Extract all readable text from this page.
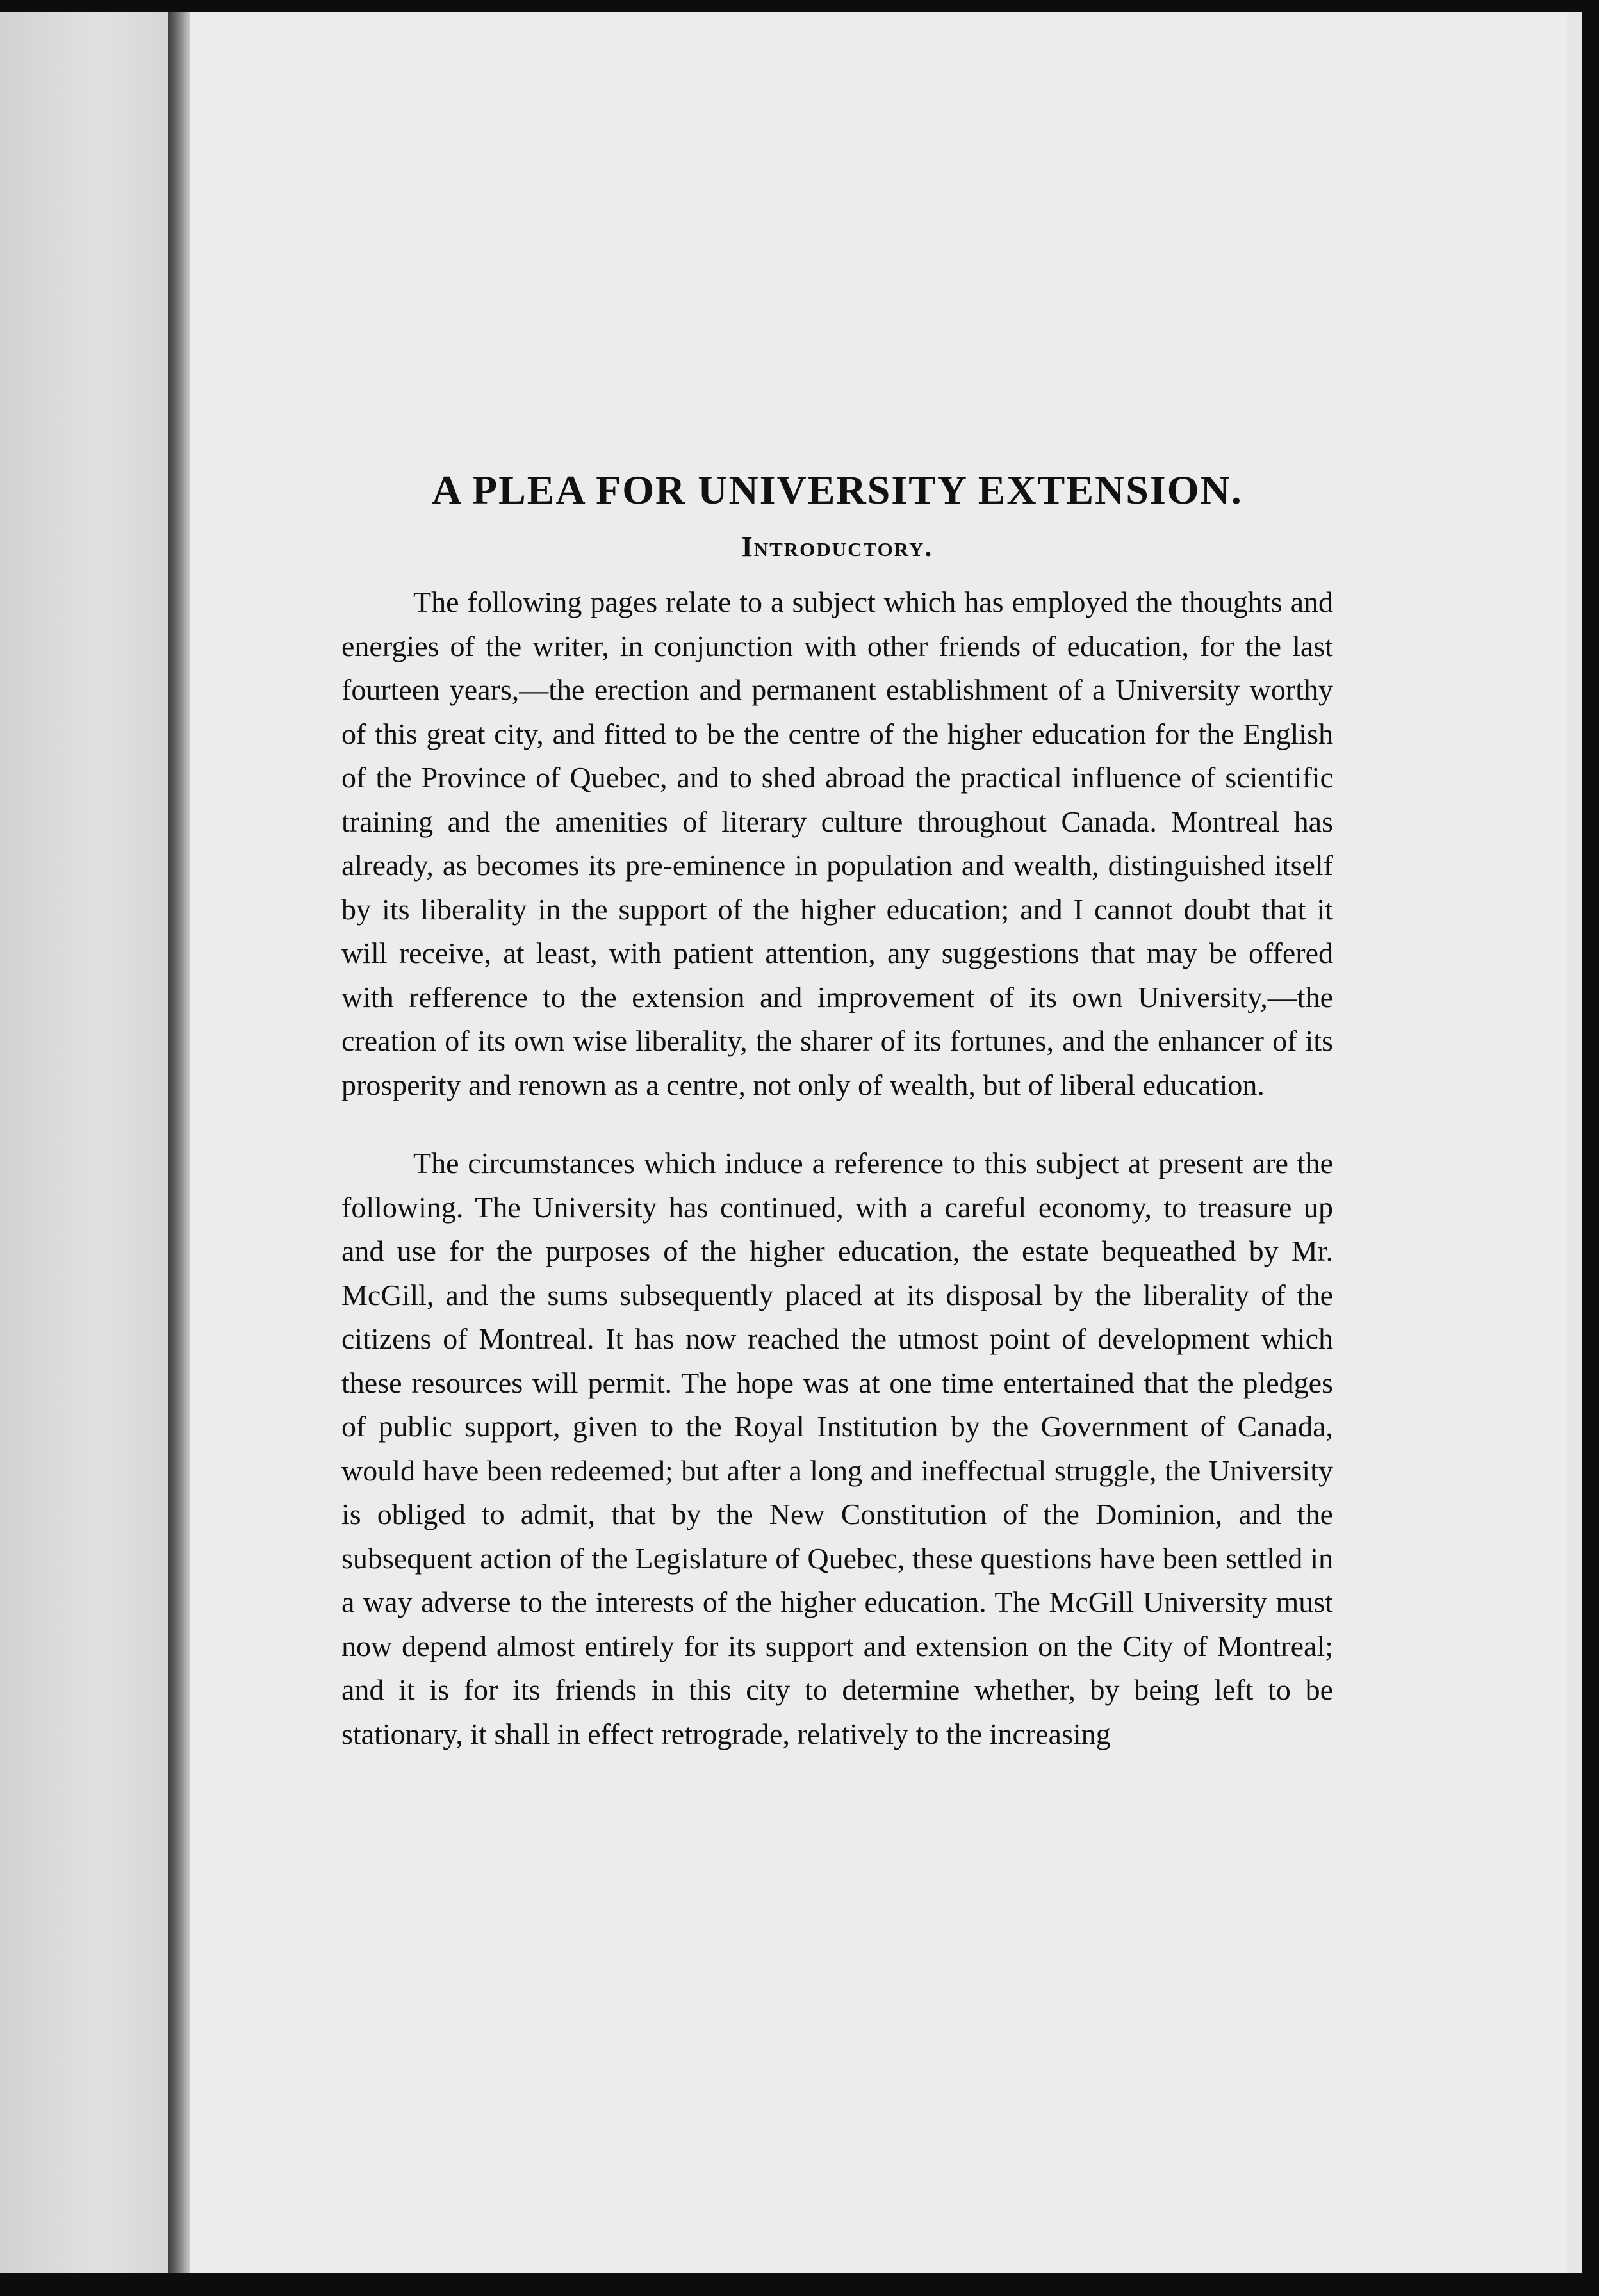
A PLEA FOR UNIVERSITY EXTENSION.
Introductory.

The following pages relate to a subject which has employed the thoughts and energies of the writer, in conjunction with other friends of education, for the last fourteen years,—the erection and permanent establishment of a University worthy of this great city, and fitted to be the centre of the higher education for the English of the Province of Quebec, and to shed abroad the practical influence of scientific training and the amenities of literary culture throughout Canada. Montreal has already, as becomes its pre-eminence in population and wealth, distinguished itself by its liberality in the support of the higher education; and I cannot doubt that it will receive, at least, with patient attention, any suggestions that may be offered with refference to the extension and improvement of its own University,—the creation of its own wise liberality, the sharer of its fortunes, and the enhancer of its prosperity and renown as a centre, not only of wealth, but of liberal education.

The circumstances which induce a reference to this subject at present are the following. The University has continued, with a careful economy, to treasure up and use for the purposes of the higher education, the estate bequeathed by Mr. McGill, and the sums subsequently placed at its disposal by the liberality of the citizens of Montreal. It has now reached the utmost point of development which these resources will permit. The hope was at one time entertained that the pledges of public support, given to the Royal Institution by the Government of Canada, would have been redeemed; but after a long and ineffectual struggle, the University is obliged to admit, that by the New Constitution of the Dominion, and the subsequent action of the Legislature of Quebec, these questions have been settled in a way adverse to the interests of the higher education. The McGill University must now depend almost entirely for its support and extension on the City of Montreal; and it is for its friends in this city to determine whether, by being left to be stationary, it shall in effect retrograde, relatively to the increasing
